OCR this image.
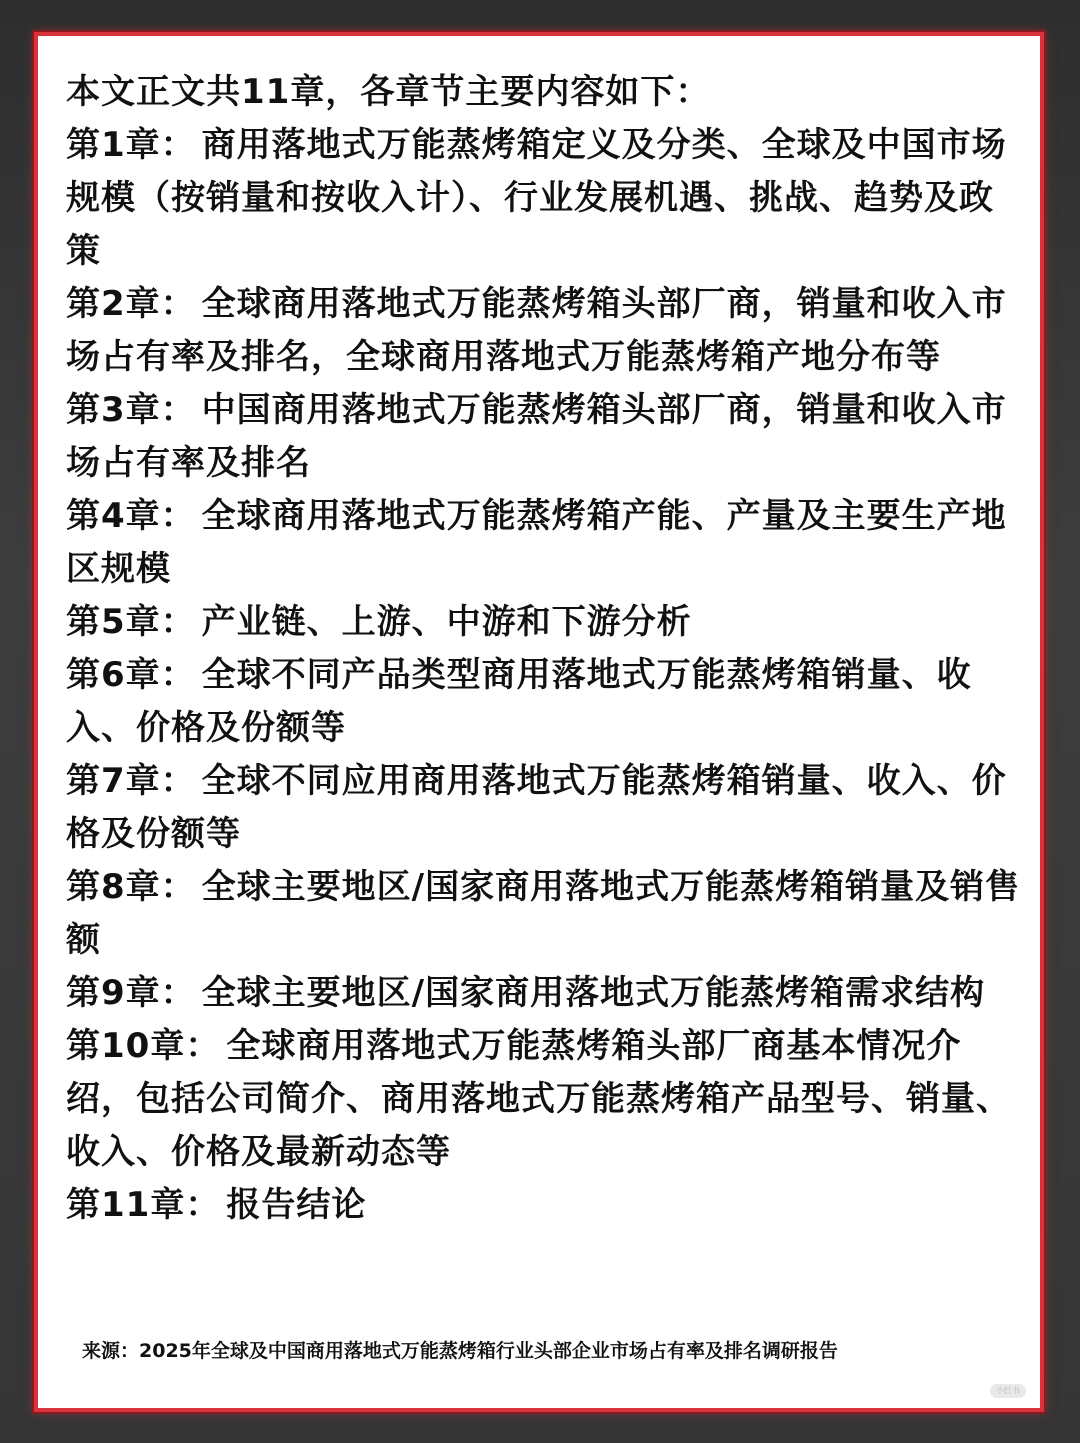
本文正文共11章，各章节主要内容如下：

第1章： 商用落地式万能蒸烤箱定义及分类、全球及中国市场规模（按销量和按收入计）、行业发展机遇、挑战、趋势及政策

第2章： 全球商用落地式万能蒸烤箱头部厂商，销量和收入市场占有率及排名，全球商用落地式万能蒸烤箱产地分布等

第3章： 中国商用落地式万能蒸烤箱头部厂商，销量和收入市场占有率及排名

第4章： 全球商用落地式万能蒸烤箱产能、产量及主要生产地区规模

第5章： 产业链、上游、中游和下游分析

第6章： 全球不同产品类型商用落地式万能蒸烤箱销量、收入、价格及份额等

第7章： 全球不同应用商用落地式万能蒸烤箱销量、收入、价格及份额等

第8章： 全球主要地区/国家商用落地式万能蒸烤箱销量及销售额

第9章： 全球主要地区/国家商用落地式万能蒸烤箱需求结构

第10章： 全球商用落地式万能蒸烤箱头部厂商基本情况介绍，包括公司简介、商用落地式万能蒸烤箱产品型号、销量、收入、价格及最新动态等

第11章： 报告结论

来源：2025年全球及中国商用落地式万能蒸烤箱行业头部企业市场占有率及排名调研报告
小红书
